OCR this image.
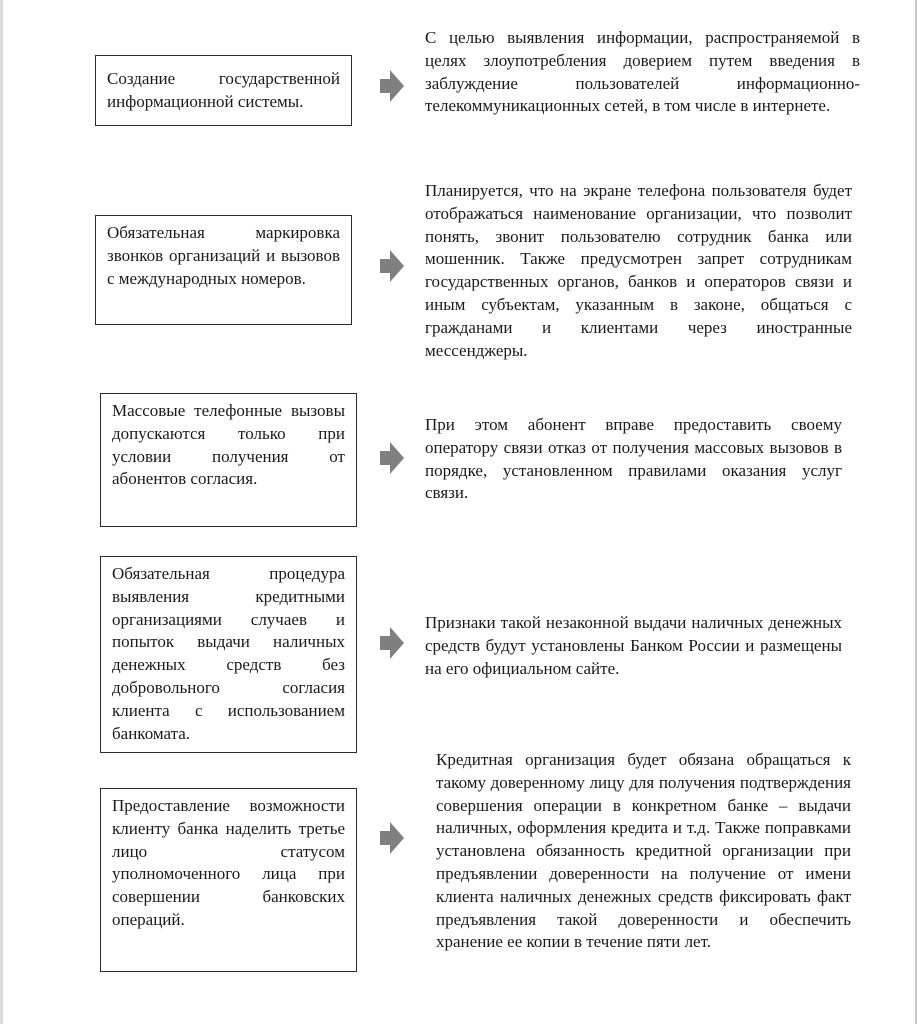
Создание государственной информационной системы.
С целью выявления информации, распространяемой в целях злоупотребления доверием путем введения в заблуждение пользователей информационно-телекоммуникационных сетей, в том числе в интернете.
Обязательная маркировка звонков организаций и вызовов с международных номеров.
Планируется, что на экране телефона пользователя будет отображаться наименование организации, что позволит понять, звонит пользователю сотрудник банка или мошенник. Также предусмотрен запрет сотрудникам государственных органов, банков и операторов связи и иным субъектам, указанным в законе, общаться с гражданами и клиентами через иностранные мессенджеры.
Массовые телефонные вызовы допускаются только при условии получения от абонентов согласия.
При этом абонент вправе предоставить своему оператору связи отказ от получения массовых вызовов в порядке, установленном правилами оказания услуг связи.
Обязательная процедура выявления кредитными организациями случаев и попыток выдачи наличных денежных средств без добровольного согласия клиента с использованием банкомата.
Признаки такой незаконной выдачи наличных денежных средств будут установлены Банком России и размещены на его официальном сайте.
Предоставление возможности клиенту банка наделить третье лицо статусом уполномоченного лица при совершении банковских операций.
Кредитная организация будет обязана обращаться к такому доверенному лицу для получения подтверждения совершения операции в конкретном банке – выдачи наличных, оформления кредита и т.д. Также поправками установлена обязанность кредитной организации при предъявлении доверенности на получение от имени клиента наличных денежных средств фиксировать факт предъявления такой доверенности и обеспечить хранение ее копии в течение пяти лет.
